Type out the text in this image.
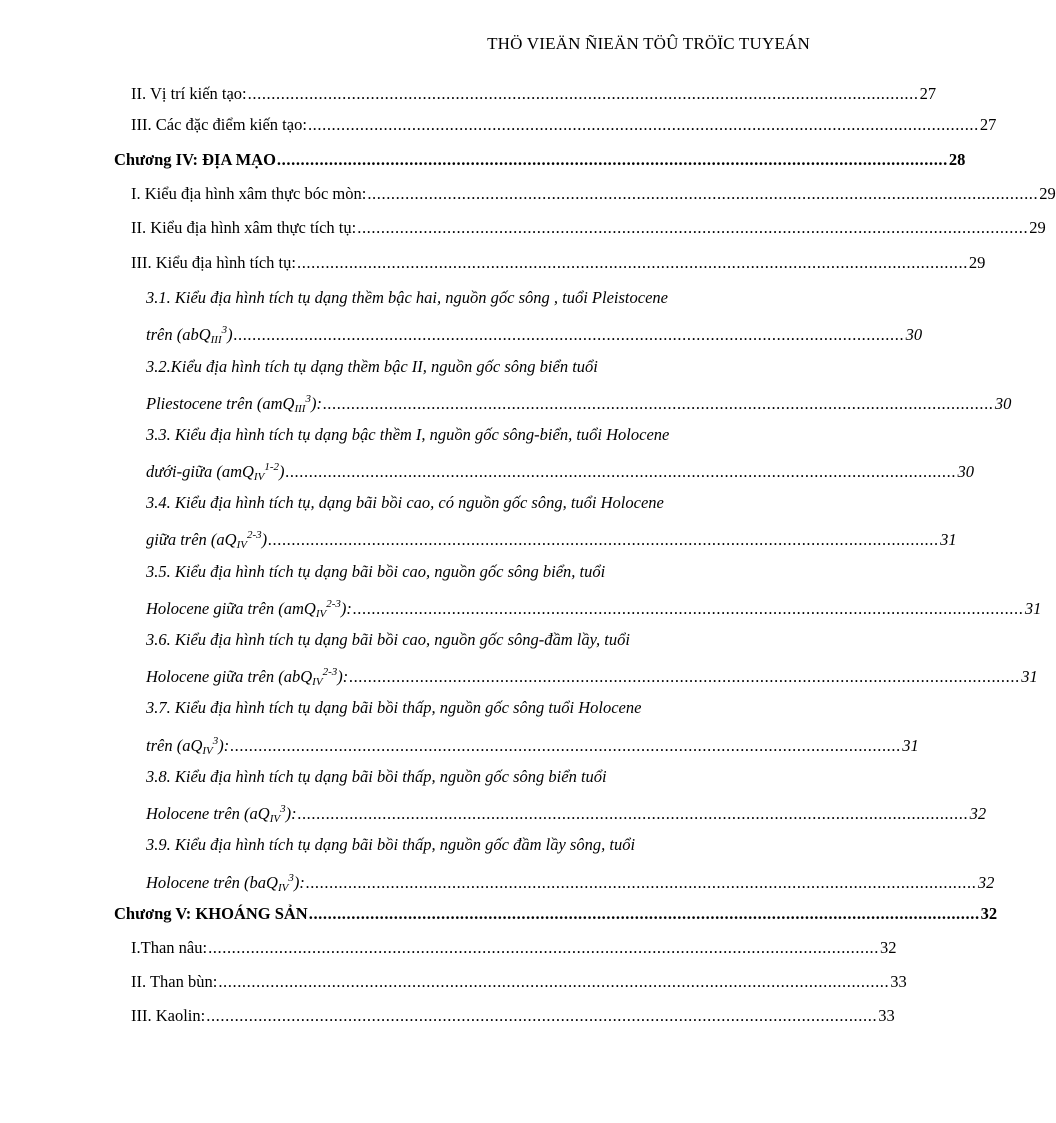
THÖ VIEÄN ÑIEÄN TÖÛ TRÖÏC TUYEÁN
II. Vị trí kiến tạo: .............................................................................................................................................. 27
III. Các đặc điểm kiến tạo: .............................................................................................................................................. 27
Chương IV: ĐỊA MẠO .............................................................................................................................................. 28
I. Kiểu địa hình xâm thực bóc mòn: .............................................................................................................................................. 29
II. Kiểu địa hình xâm thực tích tụ: .............................................................................................................................................. 29
III. Kiểu địa hình tích tụ: .............................................................................................................................................. 29
3.1. Kiểu địa hình tích tụ dạng thềm bậc hai, nguồn gốc sông , tuổi Pleistocene
trên (abQ$_{III}^3$) .............................................................................................................................................. 30
3.2.Kiểu địa hình tích tụ dạng thềm bậc II, nguồn gốc sông biển tuổi
Pliestocene trên (amQ$_{III}^3$): .............................................................................................................................................. 30
3.3. Kiểu địa hình tích tụ dạng bậc thềm I, nguồn gốc sông-biển, tuổi Holocene
dưới-giữa (amQ$_{IV}^{1-2}$) .............................................................................................................................................. 30
3.4. Kiểu địa hình tích tụ, dạng bãi bồi cao, có nguồn gốc sông, tuổi Holocene
giữa trên $(aQ_{IV}^{2-3})$ .............................................................................................................................................. 31
3.5. Kiểu địa hình tích tụ dạng bãi bồi cao, nguồn gốc sông biển, tuổi
Holocene giữa trên (amQ$_{IV}^{2-3}$): .............................................................................................................................................. 31
3.6. Kiểu địa hình tích tụ dạng bãi bồi cao, nguồn gốc sông-đầm lầy, tuổi
Holocene giữa trên (abQ$_{IV}^{2-3}$): .............................................................................................................................................. 31
3.7. Kiểu địa hình tích tụ dạng bãi bồi thấp, nguồn gốc sông tuổi Holocene
trên $(aQ_{IV}^3)$: .............................................................................................................................................. 31
3.8. Kiểu địa hình tích tụ dạng bãi bồi thấp, nguồn gốc sông biển tuổi
Holocene trên $(aQ_{IV}^3)$: .............................................................................................................................................. 32
3.9. Kiểu địa hình tích tụ dạng bãi bồi thấp, nguồn gốc đầm lầy sông, tuổi
Holocene trên (baQ$_{IV}^3$): .............................................................................................................................................. 32
Chương V: KHOÁNG SẢN .............................................................................................................................................. 32
I.Than nâu: .............................................................................................................................................. 32
II. Than bùn: .............................................................................................................................................. 33
III. Kaolin: .............................................................................................................................................. 33
